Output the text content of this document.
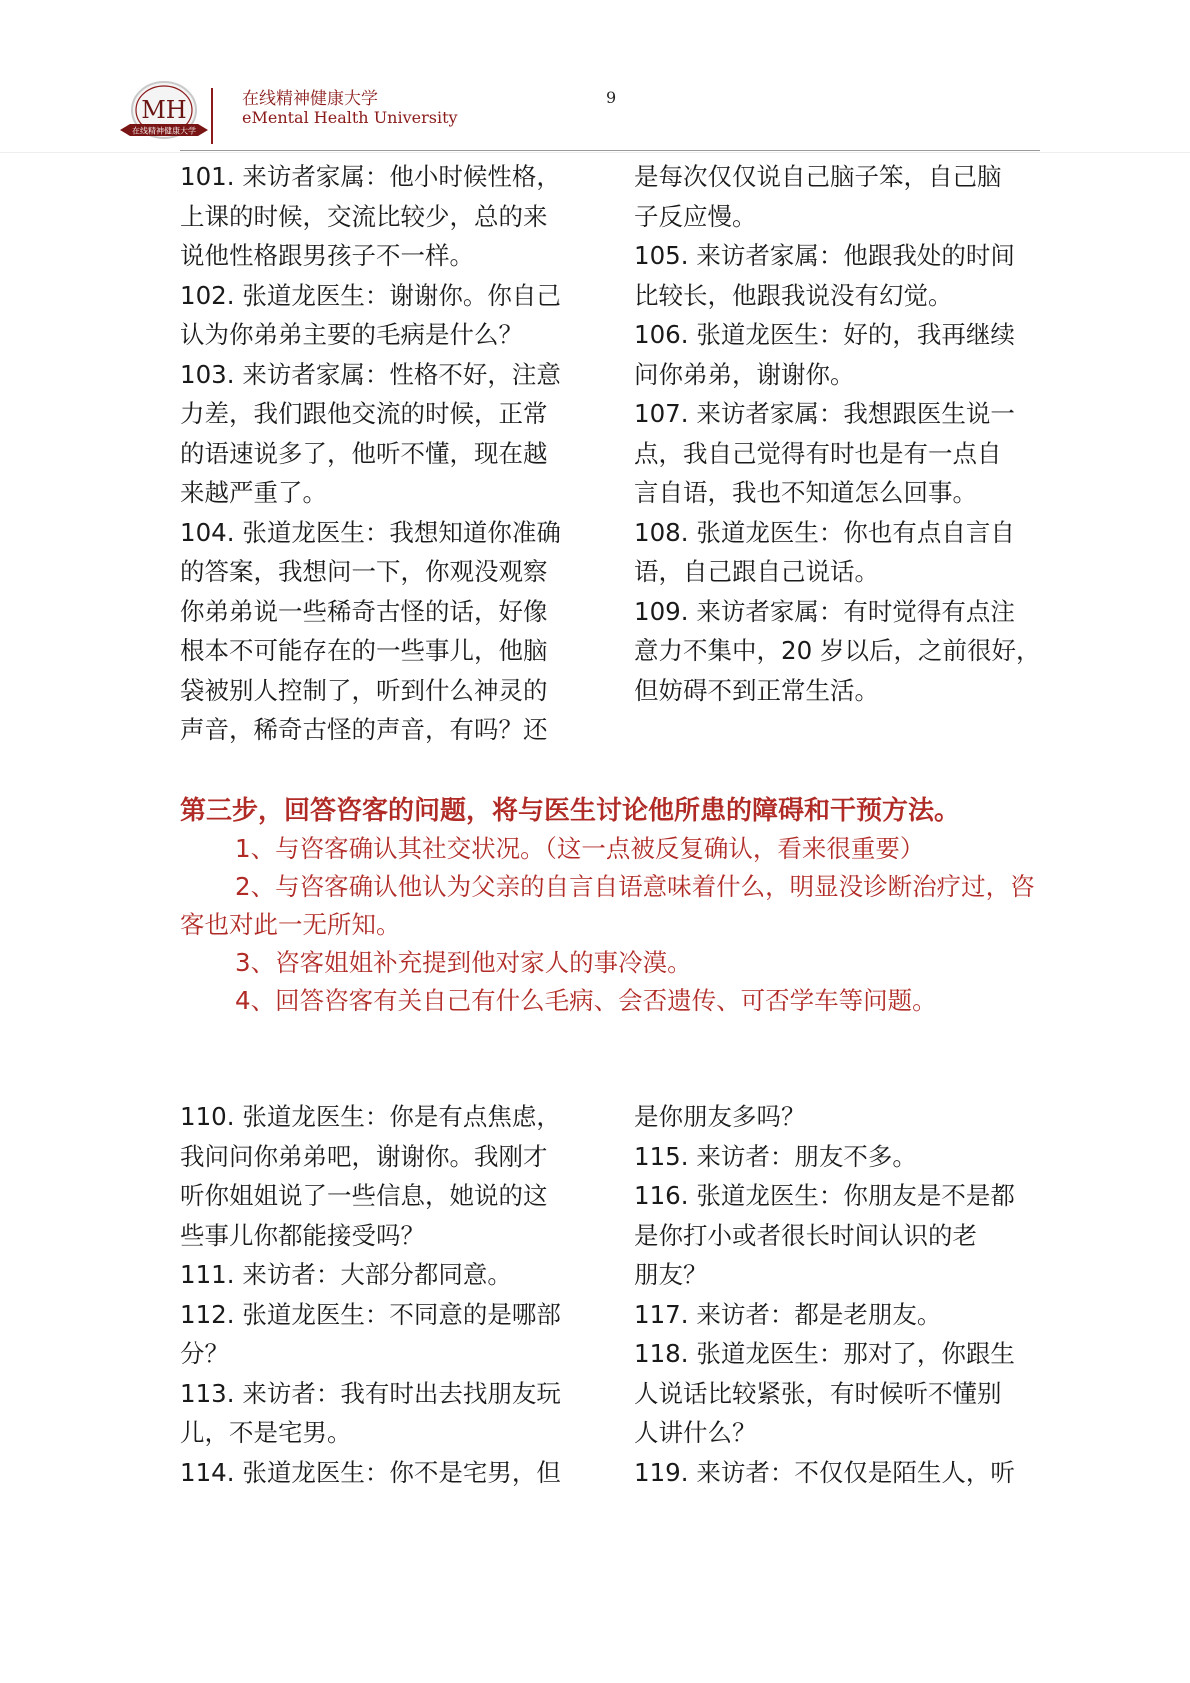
MH
在线精神健康大学
在线精神健康大学
eMental Health University
9

101. 来访者家属：他小时候性格，

上课的时候，交流比较少，总的来

说他性格跟男孩子不一样。

102. 张道龙医生：谢谢你。你自己

认为你弟弟主要的毛病是什么？

103. 来访者家属：性格不好，注意

力差，我们跟他交流的时候，正常

的语速说多了，他听不懂，现在越

来越严重了。

104. 张道龙医生：我想知道你准确

的答案，我想问一下，你观没观察

你弟弟说一些稀奇古怪的话，好像

根本不可能存在的一些事儿，他脑

袋被别人控制了，听到什么神灵的

声音，稀奇古怪的声音，有吗？还

是每次仅仅说自己脑子笨，自己脑

子反应慢。

105. 来访者家属：他跟我处的时间

比较长，他跟我说没有幻觉。

106. 张道龙医生：好的，我再继续

问你弟弟，谢谢你。

107. 来访者家属：我想跟医生说一

点，我自己觉得有时也是有一点自

言自语，我也不知道怎么回事。

108. 张道龙医生：你也有点自言自

语，自己跟自己说话。

109. 来访者家属：有时觉得有点注

意力不集中，20 岁以后，之前很好，

但妨碍不到正常生活。

第三步，回答咨客的问题，将与医生讨论他所患的障碍和干预方法。

1、与咨客确认其社交状况。（这一点被反复确认，看来很重要）

2、与咨客确认他认为父亲的自言自语意味着什么，明显没诊断治疗过，咨客也对此一无所知。

3、咨客姐姐补充提到他对家人的事冷漠。

4、回答咨客有关自己有什么毛病、会否遗传、可否学车等问题。

110. 张道龙医生：你是有点焦虑，

我问问你弟弟吧，谢谢你。我刚才

听你姐姐说了一些信息，她说的这

些事儿你都能接受吗？

111. 来访者：大部分都同意。

112. 张道龙医生：不同意的是哪部

分？

113. 来访者：我有时出去找朋友玩

儿，不是宅男。

114. 张道龙医生：你不是宅男，但

是你朋友多吗？

115. 来访者：朋友不多。

116. 张道龙医生：你朋友是不是都

是你打小或者很长时间认识的老

朋友？

117. 来访者：都是老朋友。

118. 张道龙医生：那对了，你跟生

人说话比较紧张，有时候听不懂别

人讲什么？

119. 来访者：不仅仅是陌生人，听
